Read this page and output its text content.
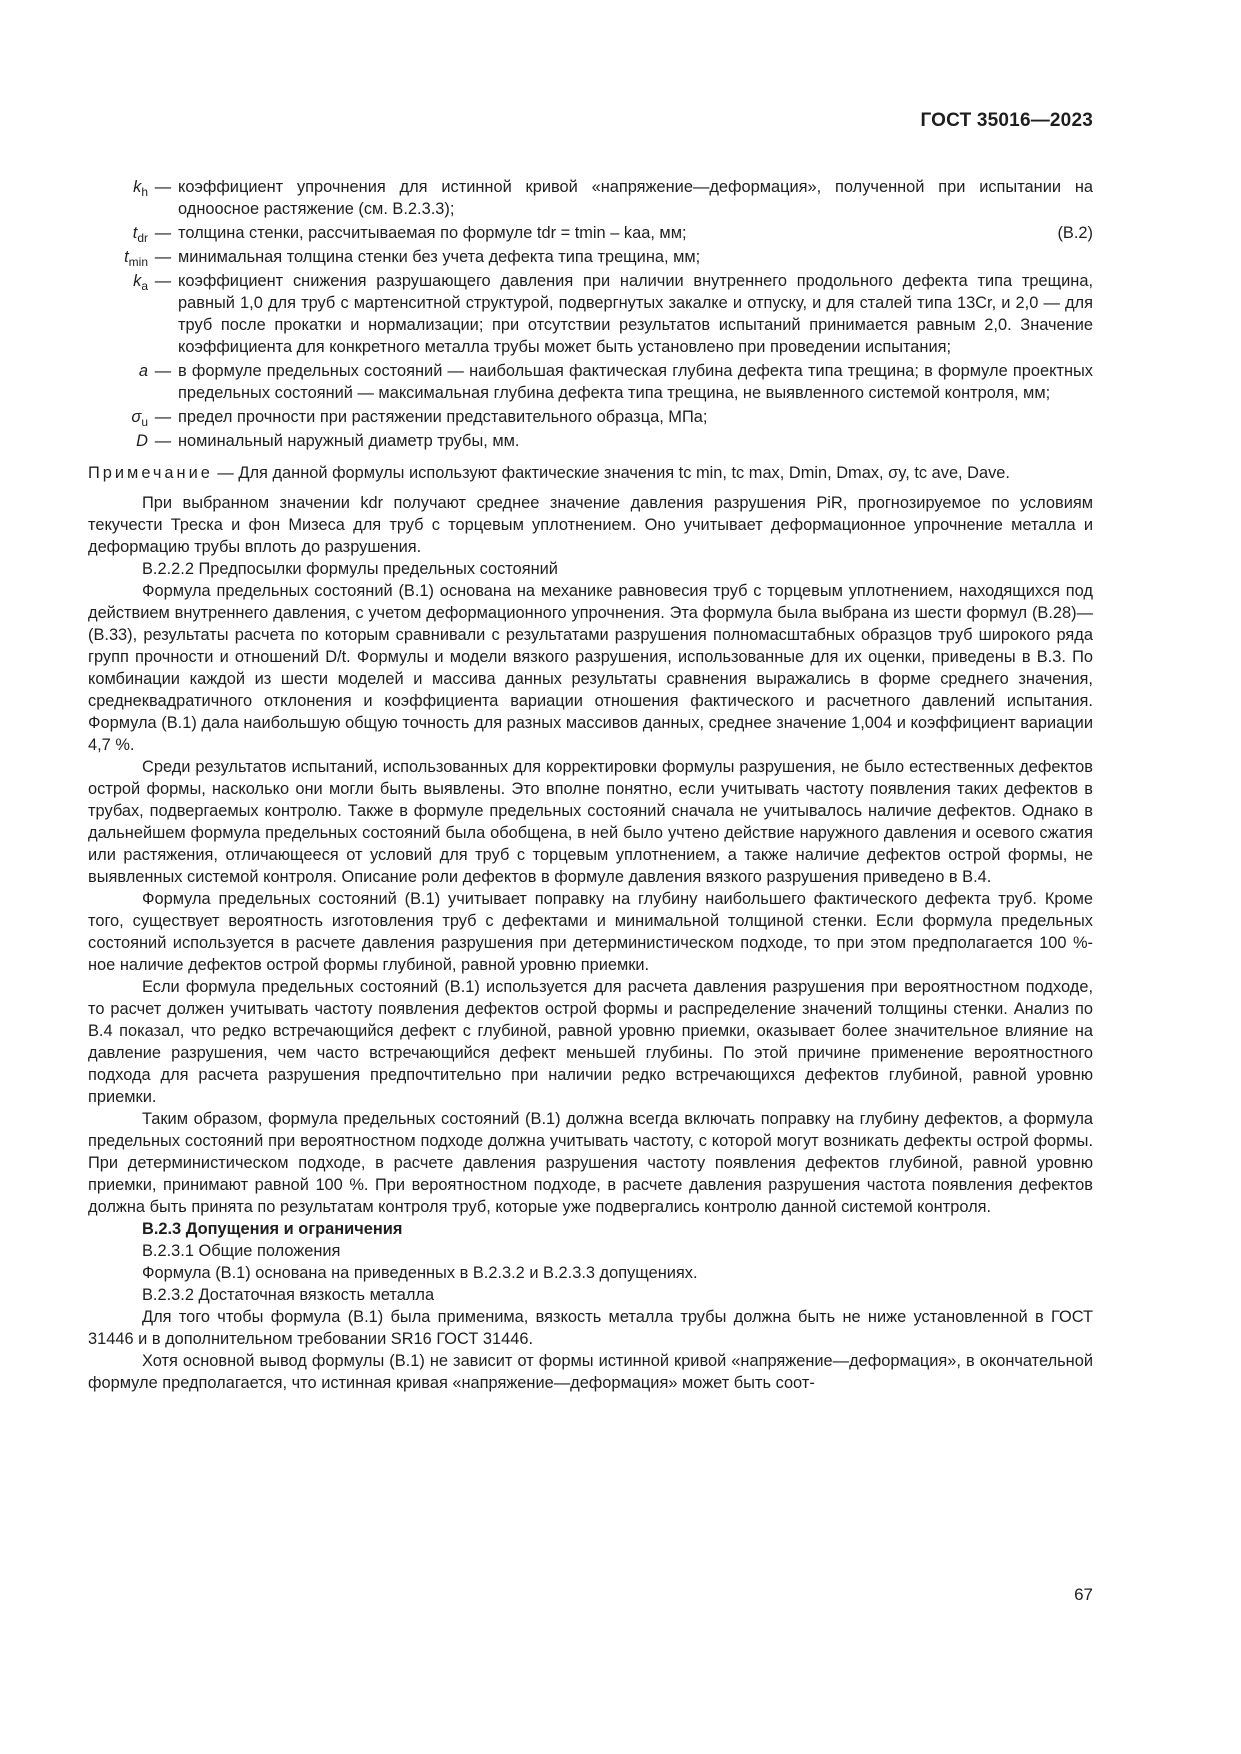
ГОСТ 35016—2023
$k_h$ — коэффициент упрочнения для истинной кривой «напряжение—деформация», полученной при испытании на одноосное растяжение (см. В.2.3.3);
$t_{dr}$ —	(В.2)
толщина стенки, рассчитываемая по формуле tdr = tmin – kaa, мм;
$t_{min}$ — минимальная толщина стенки без учета дефекта типа трещина, мм;
$k_a$ — коэффициент снижения разрушающего давления при наличии внутреннего продольного дефекта типа трещина, равный 1,0 для труб с мартенситной структурой, подвергнутых закалке и отпуску, и для сталей типа 13Cr, и 2,0 — для труб после прокатки и нормализации; при отсутствии результатов испытаний принимается равным 2,0. Значение коэффициента для конкретного металла трубы может быть установлено при проведении испытания;
a — в формуле предельных состояний — наибольшая фактическая глубина дефекта типа трещина; в формуле проектных предельных состояний — максимальная глубина дефекта типа трещина, не выявленного системой контроля, мм;
$\sigma_u$ — предел прочности при растяжении представительного образца, МПа;
D — номинальный наружный диаметр трубы, мм.

Примечание — Для данной формулы используют фактические значения tc min, tc max, Dmin, Dmax, σy, tc ave, Dave.

При выбранном значении kdr получают среднее значение давления разрушения PiR, прогнозируемое по условиям текучести Треска и фон Мизеса для труб с торцевым уплотнением. Оно учитывает деформационное упрочнение металла и деформацию трубы вплоть до разрушения.

В.2.2.2 Предпосылки формулы предельных состояний

Формула предельных состояний (В.1) основана на механике равновесия труб с торцевым уплотнением, находящихся под действием внутреннего давления, с учетом деформационного упрочнения. Эта формула была выбрана из шести формул (В.28)—(В.33), результаты расчета по которым сравнивали с результатами разрушения полномасштабных образцов труб широкого ряда групп прочности и отношений D/t. Формулы и модели вязкого разрушения, использованные для их оценки, приведены в В.3. По комбинации каждой из шести моделей и массива данных результаты сравнения выражались в форме среднего значения, среднеквадратичного отклонения и коэффициента вариации отношения фактического и расчетного давлений испытания. Формула (В.1) дала наибольшую общую точность для разных массивов данных, среднее значение 1,004 и коэффициент вариации 4,7 %.

Среди результатов испытаний, использованных для корректировки формулы разрушения, не было естественных дефектов острой формы, насколько они могли быть выявлены. Это вполне понятно, если учитывать частоту появления таких дефектов в трубах, подвергаемых контролю. Также в формуле предельных состояний сначала не учитывалось наличие дефектов. Однако в дальнейшем формула предельных состояний была обобщена, в ней было учтено действие наружного давления и осевого сжатия или растяжения, отличающееся от условий для труб с торцевым уплотнением, а также наличие дефектов острой формы, не выявленных системой контроля. Описание роли дефектов в формуле давления вязкого разрушения приведено в В.4.

Формула предельных состояний (В.1) учитывает поправку на глубину наибольшего фактического дефекта труб. Кроме того, существует вероятность изготовления труб с дефектами и минимальной толщиной стенки. Если формула предельных состояний используется в расчете давления разрушения при детерминистическом подходе, то при этом предполагается 100 %-ное наличие дефектов острой формы глубиной, равной уровню приемки.

Если формула предельных состояний (В.1) используется для расчета давления разрушения при вероятностном подходе, то расчет должен учитывать частоту появления дефектов острой формы и распределение значений толщины стенки. Анализ по В.4 показал, что редко встречающийся дефект с глубиной, равной уровню приемки, оказывает более значительное влияние на давление разрушения, чем часто встречающийся дефект меньшей глубины. По этой причине применение вероятностного подхода для расчета разрушения предпочтительно при наличии редко встречающихся дефектов глубиной, равной уровню приемки.

Таким образом, формула предельных состояний (В.1) должна всегда включать поправку на глубину дефектов, а формула предельных состояний при вероятностном подходе должна учитывать частоту, с которой могут возникать дефекты острой формы. При детерминистическом подходе, в расчете давления разрушения частоту появления дефектов глубиной, равной уровню приемки, принимают равной 100 %. При вероятностном подходе, в расчете давления разрушения частота появления дефектов должна быть принята по результатам контроля труб, которые уже подвергались контролю данной системой контроля.

В.2.3 Допущения и ограничения

В.2.3.1 Общие положения

Формула (В.1) основана на приведенных в В.2.3.2 и В.2.3.3 допущениях.

В.2.3.2 Достаточная вязкость металла

Для того чтобы формула (В.1) была применима, вязкость металла трубы должна быть не ниже установленной в ГОСТ 31446 и в дополнительном требовании SR16 ГОСТ 31446.

Хотя основной вывод формулы (В.1) не зависит от формы истинной кривой «напряжение—деформация», в окончательной формуле предполагается, что истинная кривая «напряжение—деформация» может быть соот-

67
